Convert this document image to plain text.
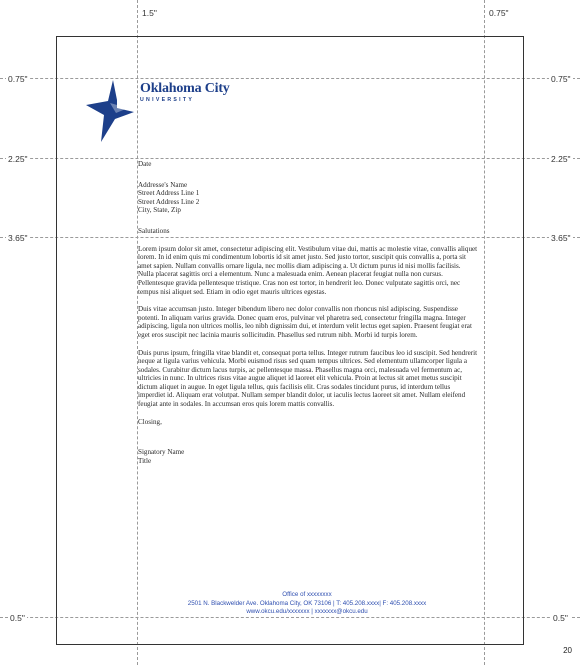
1.5"	0.75"
0.75"	0.75"
2.25"	2.25"
3.65"	3.65"
0.5"	0.5"
Oklahoma City
UNIVERSITY

Date

Addresse's Name

Street Address Line 1

Street Address Line 2

City, State, Zip

Salutations

Lorem ipsum dolor sit amet, consectetur adipiscing elit. Vestibulum vitae dui, mattis ac molestie vitae, convallis aliquet lorem. In id enim quis mi condimentum lobortis id sit amet justo. Sed justo tortor, suscipit quis convallis a, porta sit amet sapien. Nullam convallis ornare ligula, nec mollis diam adipiscing a. Ut dictum purus id nisi mollis facilisis. Nulla placerat sagittis orci a elementum. Nunc a malesuada enim. Aenean placerat feugiat nulla non cursus. Pellentesque gravida pellentesque tristique. Cras non est tortor, in hendrerit leo. Donec vulputate sagittis orci, nec tempus nisi aliquet sed. Etiam in odio eget mauris ultrices egestas.

Duis vitae accumsan justo. Integer bibendum libero nec dolor convallis non rhoncus nisl adipiscing. Suspendisse potenti. In aliquam varius gravida. Donec quam eros, pulvinar vel pharetra sed, consectetur fringilla magna. Integer adipiscing, ligula non ultrices mollis, leo nibh dignissim dui, et interdum velit lectus eget sapien. Praesent feugiat erat eget eros suscipit nec lacinia mauris sollicitudin. Phasellus sed rutrum nibh. Morbi id turpis lorem.

Duis purus ipsum, fringilla vitae blandit et, consequat porta tellus. Integer rutrum faucibus leo id suscipit. Sed hendrerit neque at ligula varius vehicula. Morbi euismod risus sed quam tempus ultrices. Sed elementum ullamcorper ligula a sodales. Curabitur dictum lacus turpis, ac pellentesque massa. Phasellus magna orci, malesuada vel fermentum ac, ultricies in nunc. In ultrices risus vitae augue aliquet id laoreet elit vehicula. Proin at lectus sit amet metus suscipit dictum aliquet in augue. In eget ligula tellus, quis facilisis elit. Cras sodales tincidunt purus, id interdum tellus imperdiet id. Aliquam erat volutpat. Nullam semper blandit dolor, ut iaculis lectus laoreet sit amet. Nullam eleifend feugiat ante in sodales. In accumsan eros quis lorem mattis convallis.

Closing,

Signatory Name

Title

Office of xxxxxxxx
2501 N. Blackwelder Ave. Oklahoma City, OK 73106 | T: 405.208.xxxx| F: 405.208.xxxx
www.okcu.edu/xxxxxxx | xxxxxxx@okcu.edu
20
